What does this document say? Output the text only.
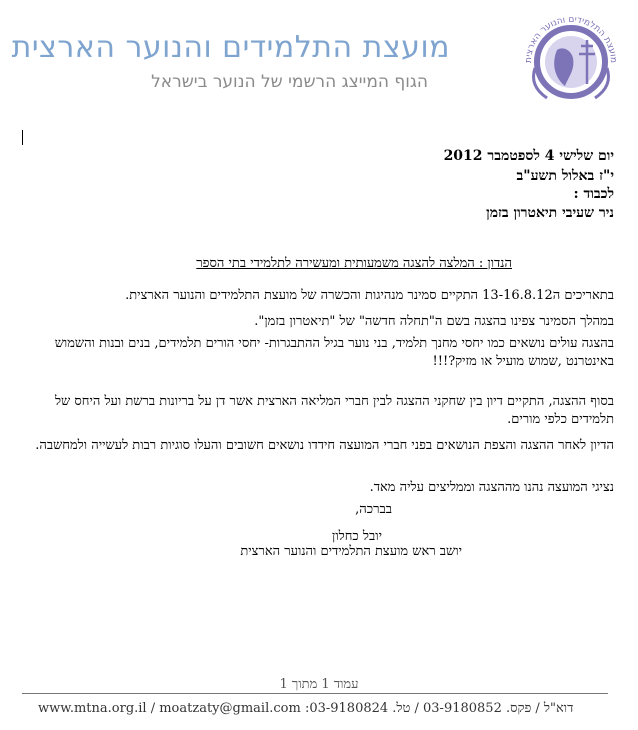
מועצת התלמידים והנוער הארצית
מועצת התלמידים והנוער הארצית
הגוף המייצג הרשמי של הנוער בישראל
יום שלישי 4 לספטמבר 2012
י"ז באלול תשע"ב
לכבוד :
ניר שעיבי תיאטרון בזמן
הנדון : המלצה להצגה משמעותית ומעשירה לתלמידי בתי הספר
בתאריכים ה13-16.8.12 התקיים סמינר מנהיגות והכשרה של מועצת התלמידים והנוער הארצית.
במהלך הסמינר צפינו בהצגה בשם ה"תחלה חדשה" של "תיאטרון בזמן".
בהצגה עולים נושאים כמו יחסי מחנך תלמיד, בני נוער בגיל ההתבגרות- יחסי הורים תלמידים, בנים ובנות והשמוש באינטרנט ,שמוש מועיל או מזיק?!!!
בסוף ההצגה, התקיים דיון בין שחקני ההצגה לבין חברי המליאה הארצית אשר דן על בריונות ברשת ועל היחס של תלמידים כלפי מורים.
הדיון לאחר ההצגה והצפת הנושאים בפני חברי המועצה חידדו נושאים חשובים והעלו סוגיות רבות לעשייה ולמחשבה.
נציגי המועצה נהנו מההצגה וממליצים עליה מאד.
בברכה,
יובל כחלון
יושב ראש מועצת התלמידים והנוער הארצית
עמוד 1 מתוך 1
www.mtna.org.il / moatzaty@gmail.com :דוא"ל / פקס. 03-9180852 / טל. 03-9180824
